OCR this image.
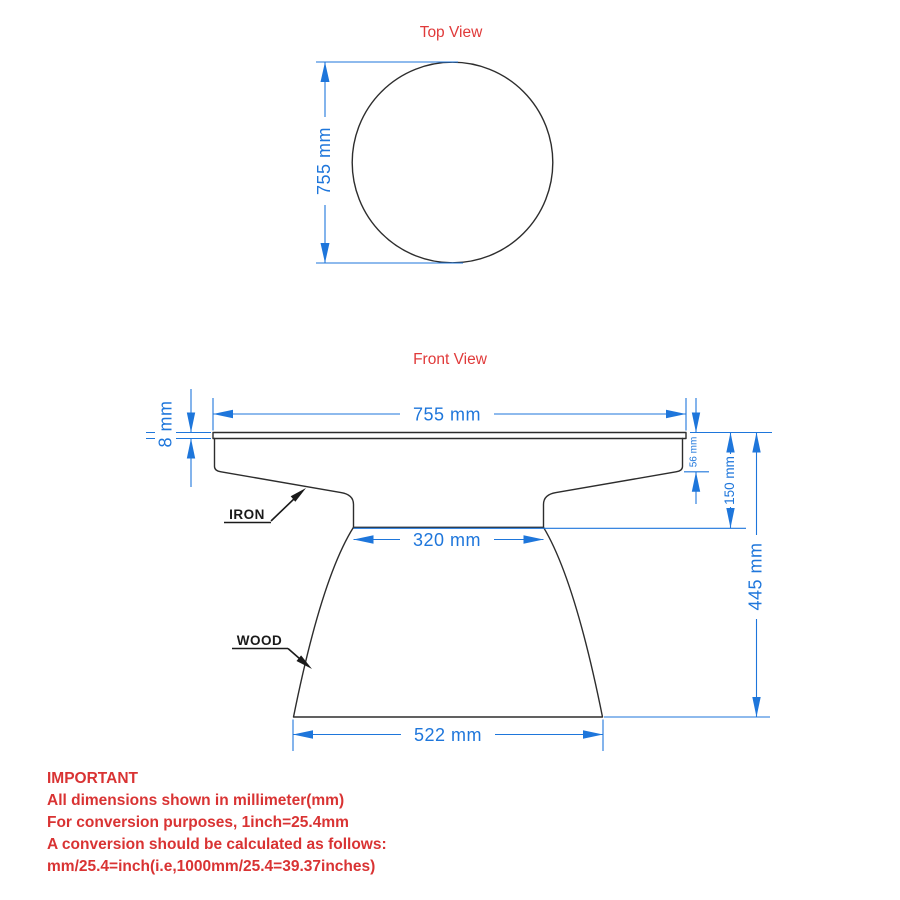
Top View
755 mm
Front View
755 mm
8 mm
56 mm
150 mm
445 mm
320 mm
522 mm
IRON
WOOD
IMPORTANT
All dimensions shown in millimeter(mm)
For conversion purposes, 1inch=25.4mm
A conversion should be calculated as follows:
mm/25.4=inch(i.e,1000mm/25.4=39.37inches)
